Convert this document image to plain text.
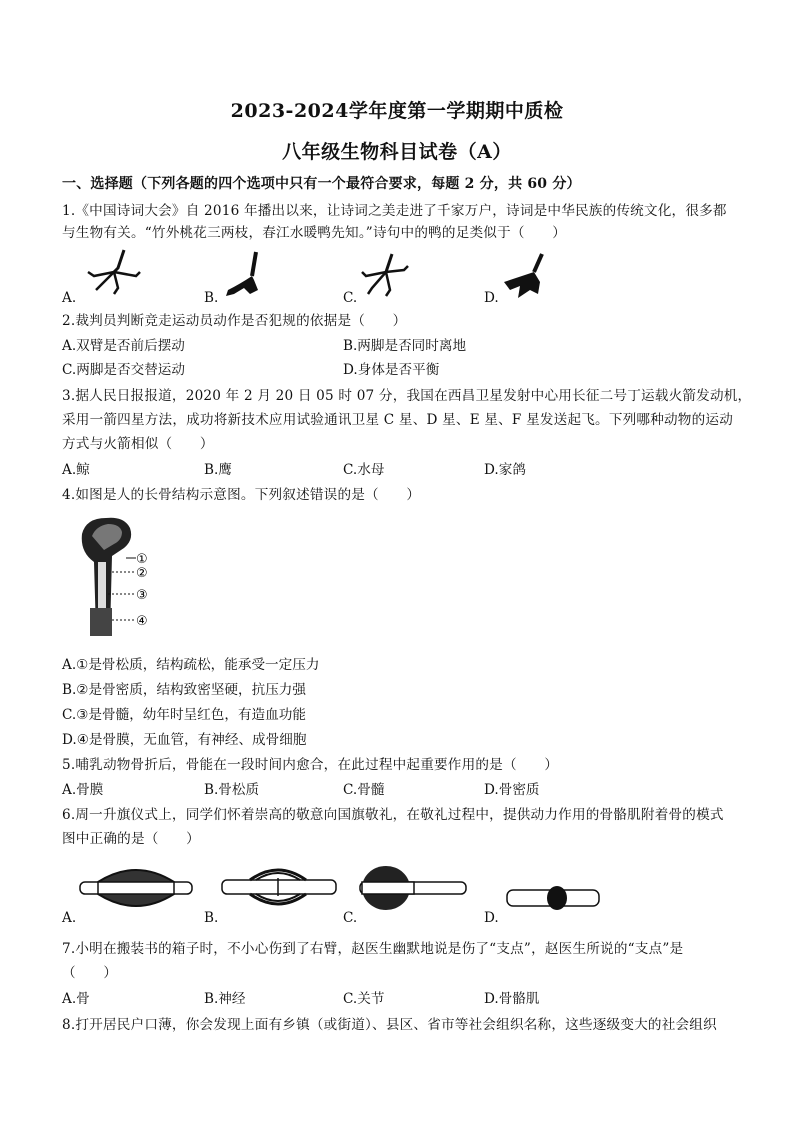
2023-2024学年度第一学期期中质检
八年级生物科目试卷（A）
一、选择题（下列各题的四个选项中只有一个最符合要求，每题 2 分，共 60 分）
1.《中国诗词大会》自 2016 年播出以来，让诗词之美走进了千家万户，诗词是中华民族的传统文化，很多都
与生物有关。“竹外桃花三两枝，春江水暖鸭先知。”诗句中的鸭的足类似于（　　）
A.	B.	C.	D.
2.裁判员判断竞走运动员动作是否犯规的依据是（　　）
A.双臂是否前后摆动	B.两脚是否同时离地
C.两脚是否交替运动	D.身体是否平衡
3.据人民日报报道，2020 年 2 月 20 日 05 时 07 分，我国在西昌卫星发射中心用长征二号丁运载火箭发动机，
采用一箭四星方法，成功将新技术应用试验通讯卫星 C 星、D 星、E 星、F 星发送起飞。下列哪种动物的运动
方式与火箭相似（　　）
A.鲸	B.鹰	C.水母	D.家鸽
4.如图是人的长骨结构示意图。下列叙述错误的是（　　）
①
②
③
④
A.①是骨松质，结构疏松，能承受一定压力
B.②是骨密质，结构致密坚硬，抗压力强
C.③是骨髓，幼年时呈红色，有造血功能
D.④是骨膜，无血管，有神经、成骨细胞
5.哺乳动物骨折后，骨能在一段时间内愈合，在此过程中起重要作用的是（　　）
A.骨膜	B.骨松质	C.骨髓	D.骨密质
6.周一升旗仪式上，同学们怀着崇高的敬意向国旗敬礼，在敬礼过程中，提供动力作用的骨骼肌附着骨的模式
图中正确的是（　　）
A.	B.	C.	D.
7.小明在搬装书的箱子时，不小心伤到了右臂，赵医生幽默地说是伤了“支点”，赵医生所说的“支点”是
（　　）
A.骨	B.神经	C.关节	D.骨骼肌
8.打开居民户口薄，你会发现上面有乡镇（或街道）、县区、省市等社会组织名称，这些逐级变大的社会组织
